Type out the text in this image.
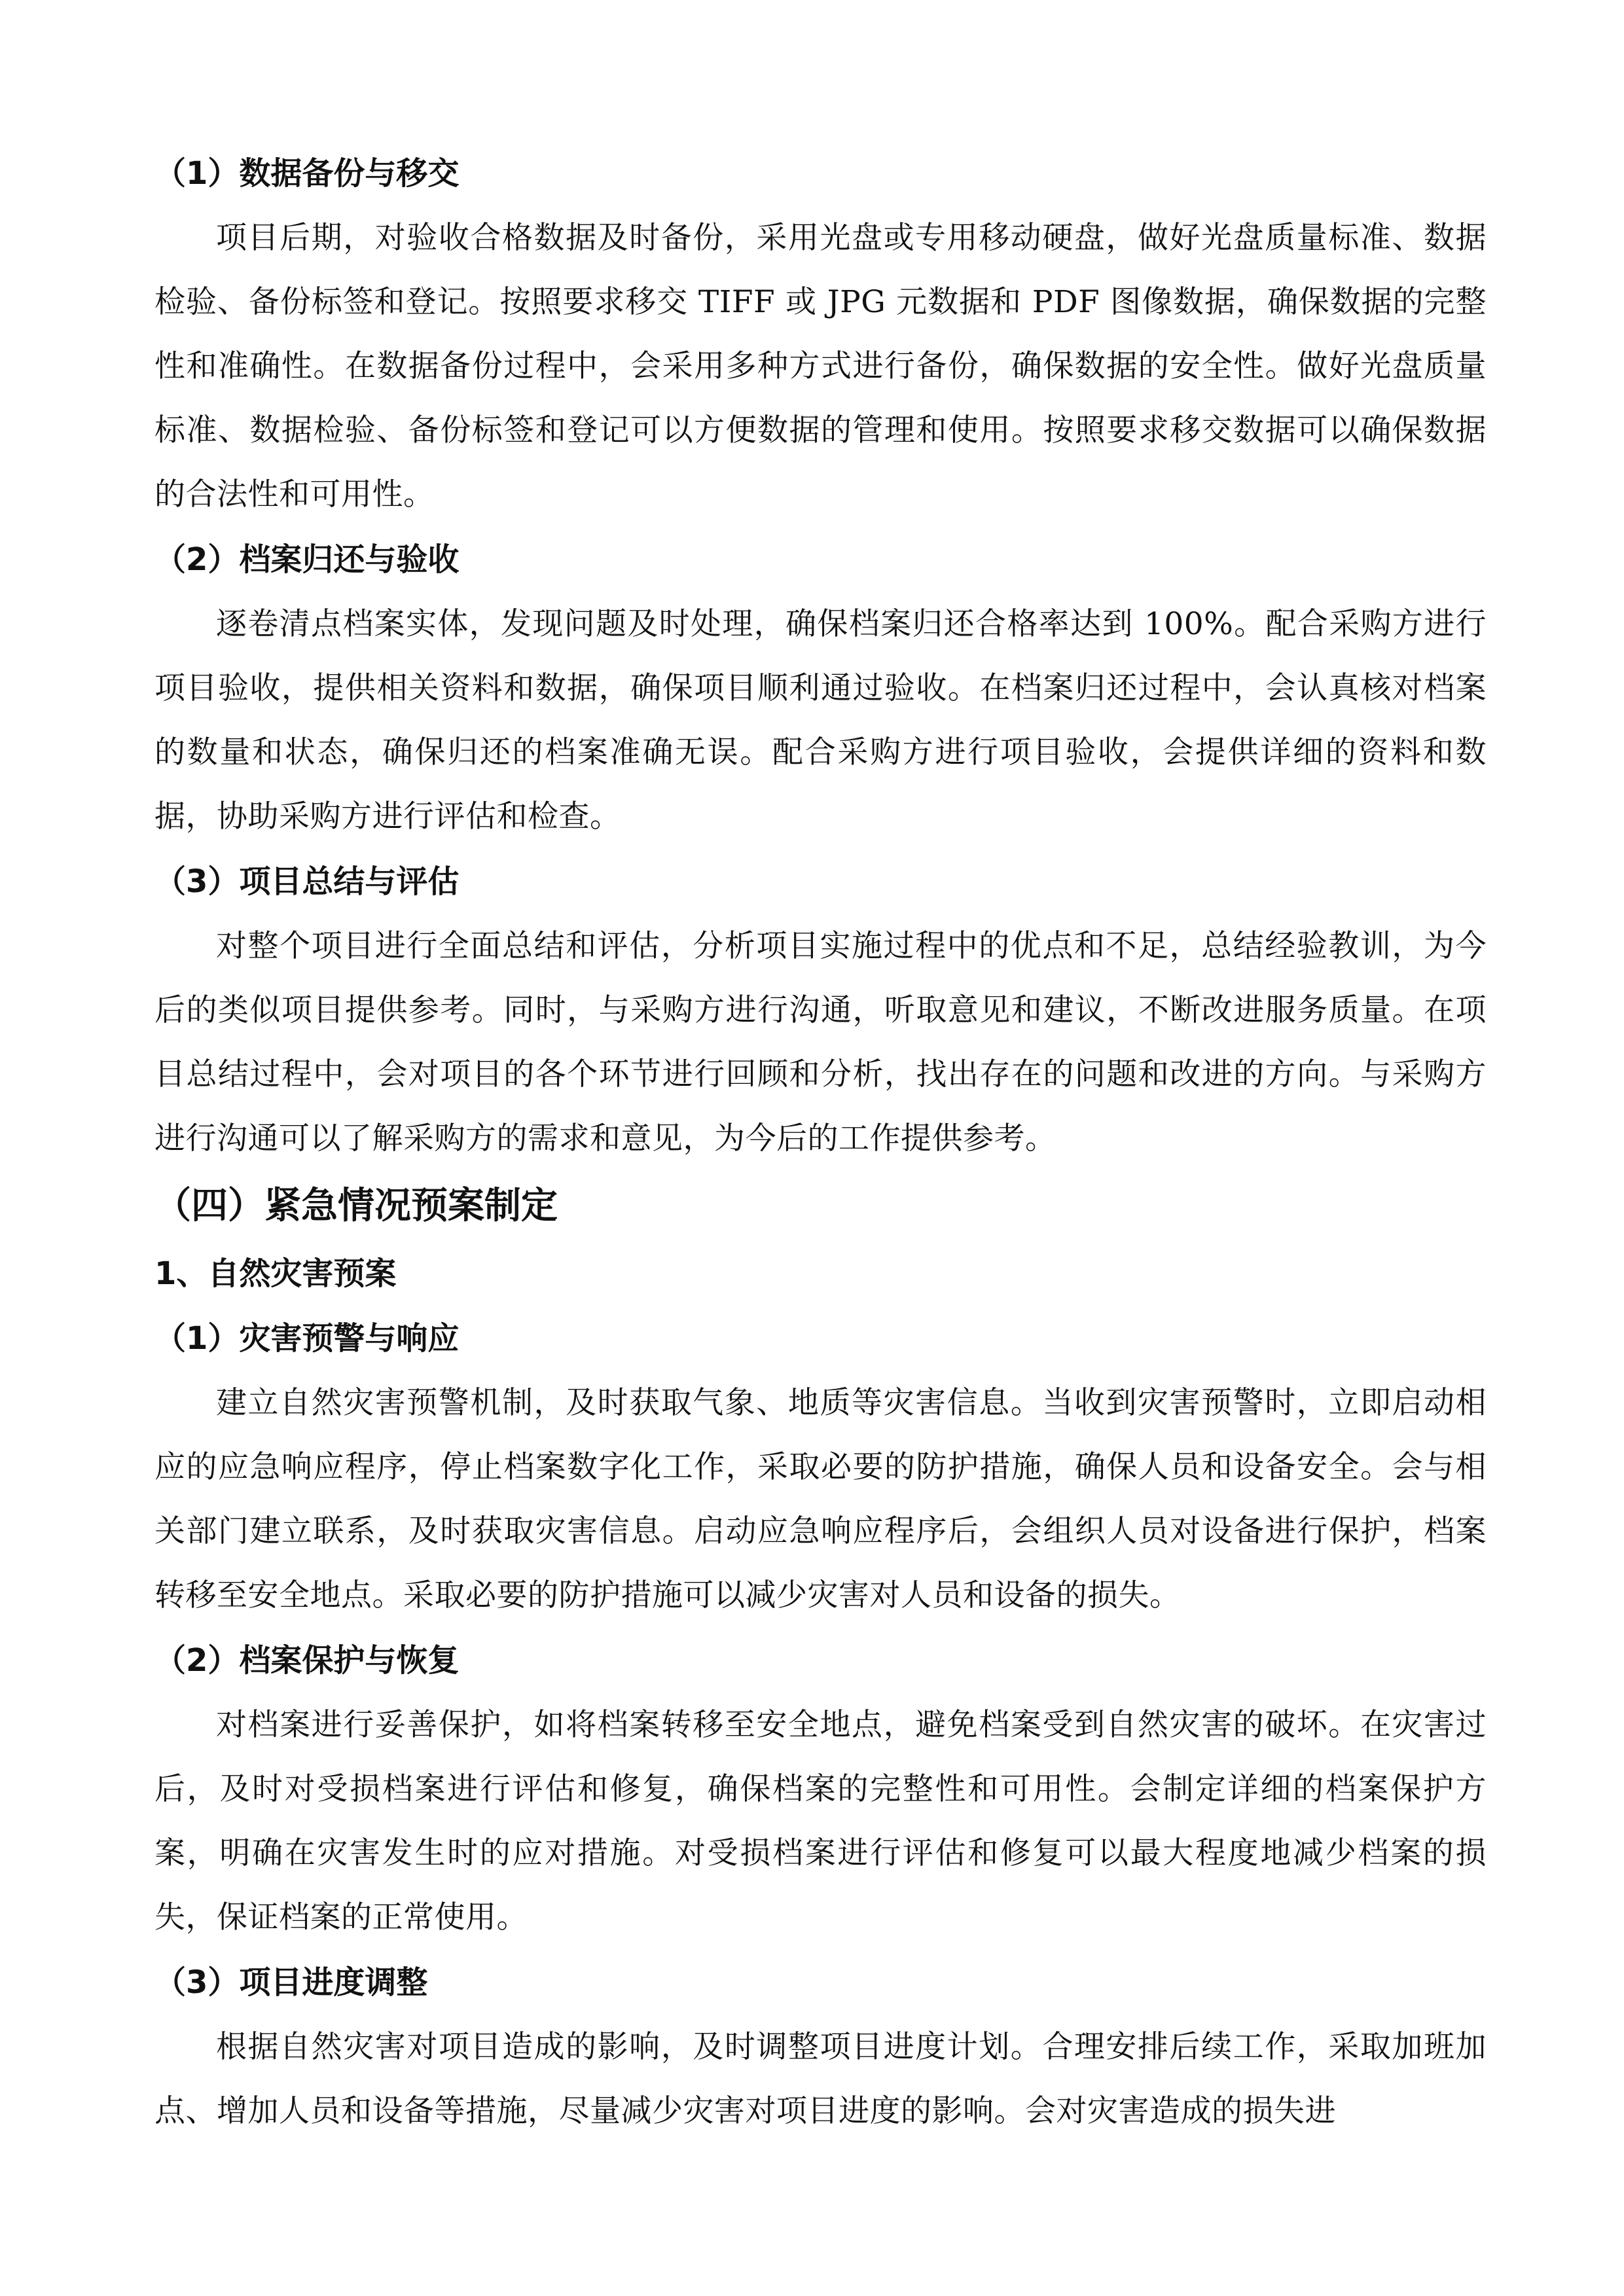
（1）数据备份与移交

项目后期，对验收合格数据及时备份，采用光盘或专用移动硬盘，做好光盘质量标准、数据检验、备份标签和登记。按照要求移交 TIFF 或 JPG 元数据和 PDF 图像数据，确保数据的完整性和准确性。在数据备份过程中，会采用多种方式进行备份，确保数据的安全性。做好光盘质量标准、数据检验、备份标签和登记可以方便数据的管理和使用。按照要求移交数据可以确保数据的合法性和可用性。

（2）档案归还与验收

逐卷清点档案实体，发现问题及时处理，确保档案归还合格率达到 100%。配合采购方进行项目验收，提供相关资料和数据，确保项目顺利通过验收。在档案归还过程中，会认真核对档案的数量和状态，确保归还的档案准确无误。配合采购方进行项目验收，会提供详细的资料和数据，协助采购方进行评估和检查。

（3）项目总结与评估

对整个项目进行全面总结和评估，分析项目实施过程中的优点和不足，总结经验教训，为今后的类似项目提供参考。同时，与采购方进行沟通，听取意见和建议，不断改进服务质量。在项目总结过程中，会对项目的各个环节进行回顾和分析，找出存在的问题和改进的方向。与采购方进行沟通可以了解采购方的需求和意见，为今后的工作提供参考。

（四）紧急情况预案制定
1、自然灾害预案
（1）灾害预警与响应

建立自然灾害预警机制，及时获取气象、地质等灾害信息。当收到灾害预警时，立即启动相应的应急响应程序，停止档案数字化工作，采取必要的防护措施，确保人员和设备安全。会与相关部门建立联系，及时获取灾害信息。启动应急响应程序后，会组织人员对设备进行保护，档案转移至安全地点。采取必要的防护措施可以减少灾害对人员和设备的损失。

（2）档案保护与恢复

对档案进行妥善保护，如将档案转移至安全地点，避免档案受到自然灾害的破坏。在灾害过后，及时对受损档案进行评估和修复，确保档案的完整性和可用性。会制定详细的档案保护方案，明确在灾害发生时的应对措施。对受损档案进行评估和修复可以最大程度地减少档案的损失，保证档案的正常使用。

（3）项目进度调整

根据自然灾害对项目造成的影响，及时调整项目进度计划。合理安排后续工作，采取加班加点、增加人员和设备等措施，尽量减少灾害对项目进度的影响。会对灾害造成的损失进
